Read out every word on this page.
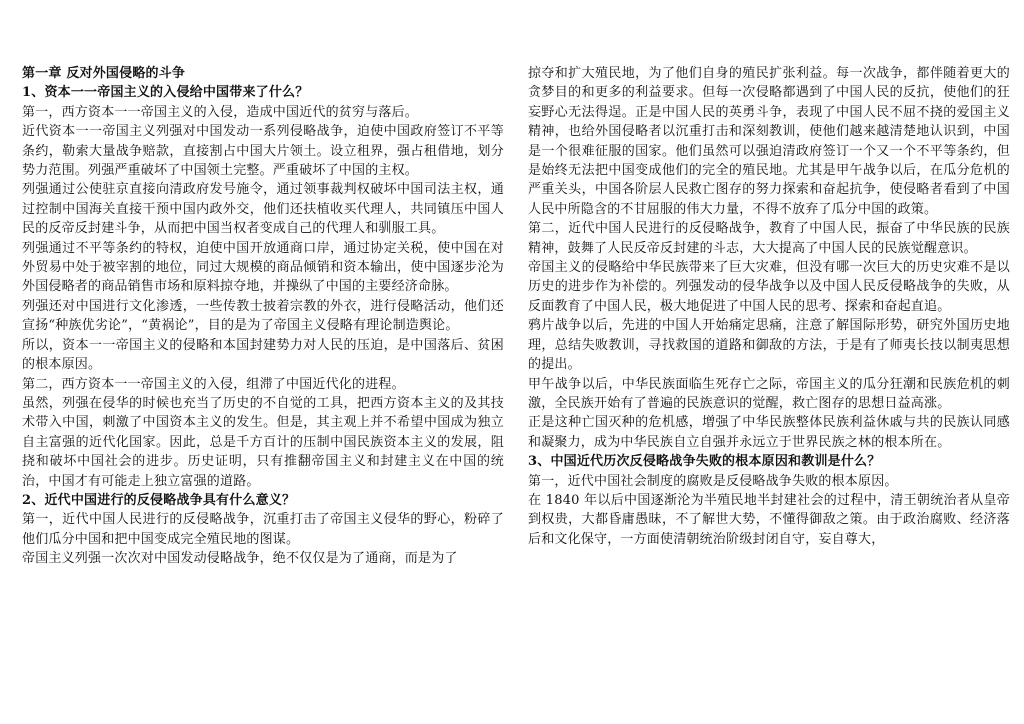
第一章 反对外国侵略的斗争

1、资本一一帝国主义的入侵给中国带来了什么？

第一，西方资本一一帝国主义的入侵，造成中国近代的贫穷与落后。

近代资本一一帝国主义列强对中国发动一系列侵略战争，迫使中国政府签订不平等条约，勒索大量战争赔款，直接割占中国大片领土。设立租界，强占租借地，划分势力范围。列强严重破坏了中国领土完整。严重破坏了中国的主权。

列强通过公使驻京直接向清政府发号施令，通过领事裁判权破坏中国司法主权，通过控制中国海关直接干预中国内政外交，他们还扶植收买代理人，共同镇压中国人民的反帝反封建斗争，从而把中国当权者变成自己的代理人和驯服工具。

列强通过不平等条约的特权，迫使中国开放通商口岸，通过协定关税，使中国在对外贸易中处于被宰割的地位，同过大规模的商品倾销和资本输出，使中国逐步沦为外国侵略者的商品销售市场和原料掠夺地，并操纵了中国的主要经济命脉。

列强还对中国进行文化渗透，一些传教士披着宗教的外衣，进行侵略活动，他们还宣扬“种族优劣论”，“黄祸论”，目的是为了帝国主义侵略有理论制造舆论。

所以，资本一一帝国主义的侵略和本国封建势力对人民的压迫，是中国落后、贫困的根本原因。

第二，西方资本一一帝国主义的入侵，组滞了中国近代化的进程。

虽然，列强在侵华的时候也充当了历史的不自觉的工具，把西方资本主义的及其技术带入中国，刺激了中国资本主义的发生。但是，其主观上并不希望中国成为独立自主富强的近代化国家。因此，总是千方百计的压制中国民族资本主义的发展，阻挠和破坏中国社会的进步。历史证明，只有推翻帝国主义和封建主义在中国的统治，中国才有可能走上独立富强的道路。

2、近代中国进行的反侵略战争具有什么意义？

第一，近代中国人民进行的反侵略战争，沉重打击了帝国主义侵华的野心，粉碎了他们瓜分中国和把中国变成完全殖民地的图谋。

帝国主义列强一次次对中国发动侵略战争，绝不仅仅是为了通商，而是为了

掠夺和扩大殖民地，为了他们自身的殖民扩张利益。每一次战争，都伴随着更大的贪梦目的和更多的利益要求。但每一次侵略都遇到了中国人民的反抗，使他们的狂妄野心无法得逞。正是中国人民的英勇斗争，表现了中国人民不屈不挠的爱国主义精神，也给外国侵略者以沉重打击和深刻教训，使他们越来越清楚地认识到，中国是一个很难征服的国家。他们虽然可以强迫清政府签订一个又一个不平等条约，但是始终无法把中国变成他们的完全的殖民地。尤其是甲午战争以后，在瓜分危机的严重关头，中国各阶层人民救亡图存的努力探索和奋起抗争，使侵略者看到了中国人民中所隐含的不甘屈服的伟大力量，不得不放弃了瓜分中国的政策。

第二，近代中国人民进行的反侵略战争，教育了中国人民，振奋了中华民族的民族精神，鼓舞了人民反帝反封建的斗志，大大提高了中国人民的民族觉醒意识。

帝国主义的侵略给中华民族带来了巨大灾难，但没有哪一次巨大的历史灾难不是以历史的进步作为补偿的。列强发动的侵华战争以及中国人民反侵略战争的失败，从反面教育了中国人民，极大地促进了中国人民的思考、探索和奋起直追。

鸦片战争以后，先进的中国人开始痛定思痛，注意了解国际形势，研究外国历史地理，总结失败教训，寻找救国的道路和御敌的方法，于是有了师夷长技以制夷思想的提出。

甲午战争以后，中华民族面临生死存亡之际，帝国主义的瓜分狂潮和民族危机的刺激，全民族开始有了普遍的民族意识的觉醒，救亡图存的思想日益高涨。

正是这种亡国灭种的危机感，增强了中华民族整体民族利益休戚与共的民族认同感和凝聚力，成为中华民族自立自强并永远立于世界民族之林的根本所在。

3、中国近代历次反侵略战争失败的根本原因和教训是什么？

第一，近代中国社会制度的腐败是反侵略战争失败的根本原因。

在 1840 年以后中国逐渐沦为半殖民地半封建社会的过程中，清王朝统治者从皇帝到权贵，大都昏庸愚昧，不了解世大势，不懂得御敌之策。由于政治腐败、经济落后和文化保守，一方面使清朝统治阶级封闭自守，妄自尊大，
